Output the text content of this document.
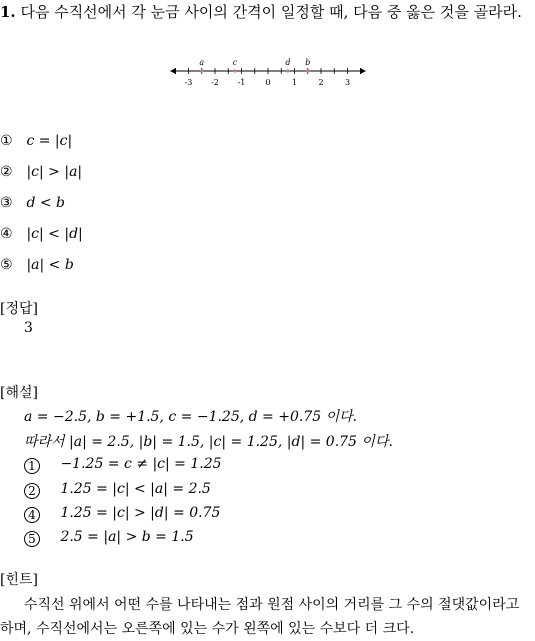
1. 다음 수직선에서 각 눈금 사이의 간격이 일정할 때, 다음 중 옳은 것을 골라라.
-3 -2 -1	0	1	2	3
a	c	d b
① c = |c|
② |c| > |a|
③ d < b
④ |c| < |d|
⑤ |a| < b
[정답]
3
[해설]
a = −2.5, b = +1.5, c = −1.25, d = +0.75 이다.
따라서 |a| = 2.5, |b| = 1.5, |c| = 1.25, |d| = 0.75 이다.
1 −1.25 = c ≠ |c| = 1.25
2 1.25 = |c| < |a| = 2.5
4 1.25 = |c| > |d| = 0.75
5 2.5 = |a| > b = 1.5
[힌트]
수직선 위에서 어떤 수를 나타내는 점과 원점 사이의 거리를 그 수의 절댓값이라고 하며, 수직선에서는 오른쪽에 있는 수가 왼쪽에 있는 수보다 더 크다.
